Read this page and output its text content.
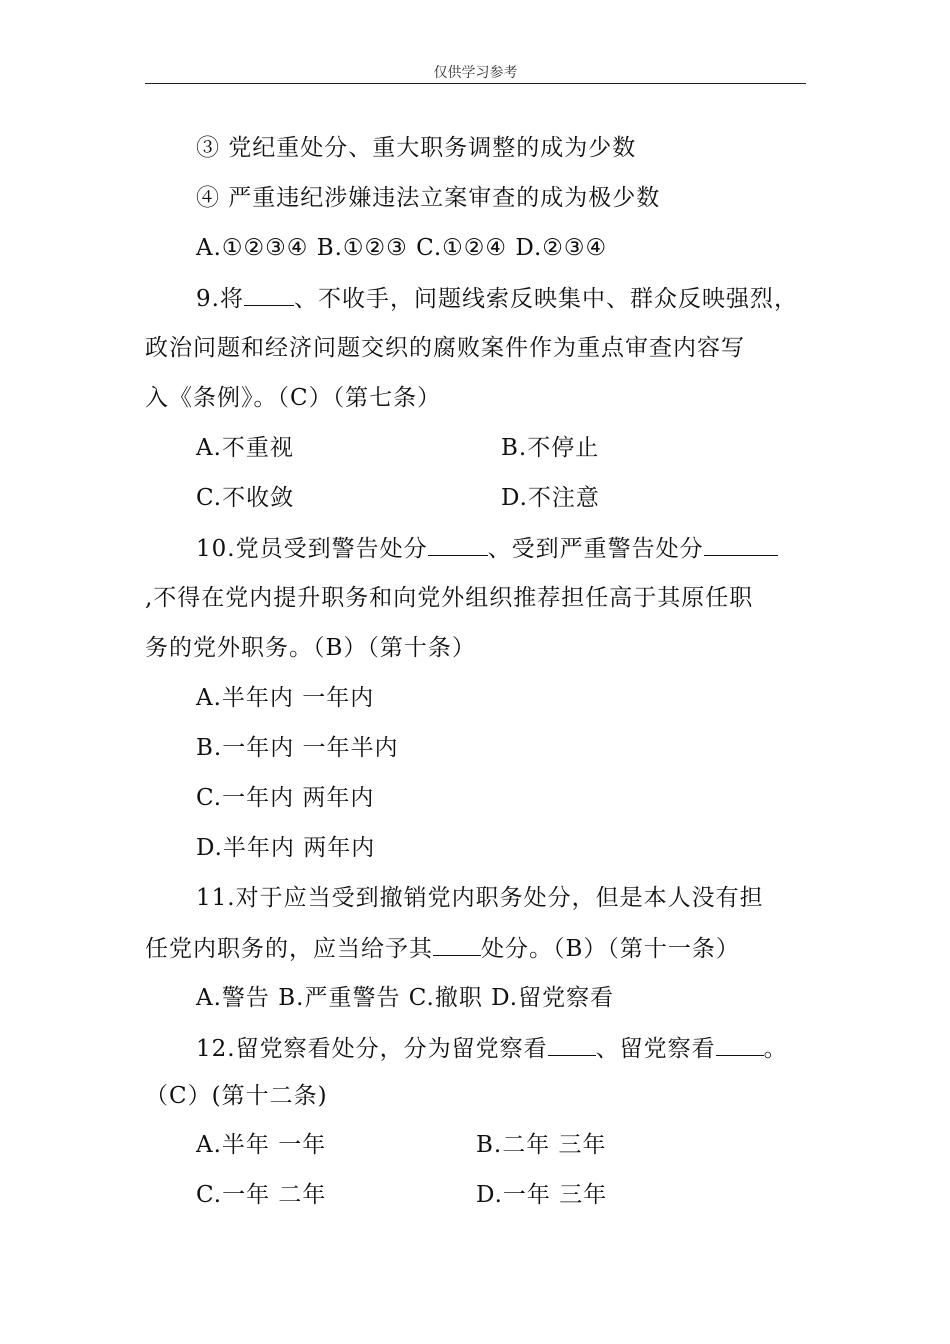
仅供学习参考
③ 党纪重处分、重大职务调整的成为少数
④ 严重违纪涉嫌违法立案审查的成为极少数
A.①②③④ B.①②③ C.①②④ D.②③④
9.将 、不收手，问题线索反映集中、群众反映强烈，
政治问题和经济问题交织的腐败案件作为重点审查内容写
入《条例》。（C）（第七条）
A.不重视	B.不停止
C.不收敛	D.不注意
10.党员受到警告处分	、受到严重警告处分
,不得在党内提升职务和向党外组织推荐担任高于其原任职
务的党外职务。（B）（第十条）
A.半年内 一年内
B.一年内 一年半内
C.一年内 两年内
D.半年内 两年内
11.对于应当受到撤销党内职务处分，但是本人没有担
任党内职务的，应当给予其 处分。（B）（第十一条）
A.警告 B.严重警告 C.撤职 D.留党察看
12.留党察看处分，分为留党察看 、留党察看 。
（C）(第十二条)
A.半年 一年	B.二年 三年
C.一年 二年	D.一年 三年
